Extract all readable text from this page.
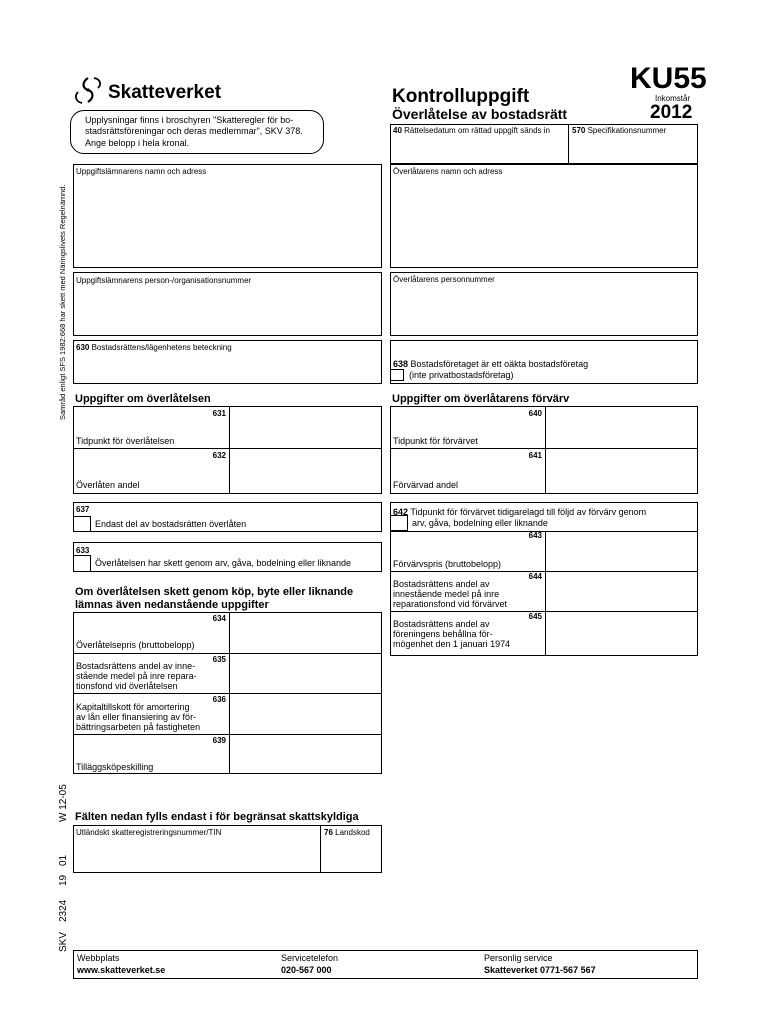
Skatteverket
Upplysningar finns i broschyren "Skatteregler för bo-
stadsrättsföreningar och deras medlemmar", SKV 378.
Ange belopp i hela kronal.
Kontrolluppgift
Överlåtelse av bostadsrätt
KU55
Inkomstår
2012
Samråd enligt SFS 1982:668 har skett med Näringslivets Regelnämnd.
40 Rättelsedatum om rättad uppgift sänds in	570 Specifikationsnummer
Uppgiftslämnarens namn och adress	Överlåtarens namn och adress
Uppgiftslämnarens person-/organisationsnummer	Överlåtarens personnummer
630 Bostadsrättens/lägenhetens beteckning
638 Bostadsföretaget är ett oäkta bostadsföretag
(inte privatbostadsföretag)
Uppgifter om överlåtelsen	Uppgifter om överlåtarens förvärv
631
Tidpunkt för överlåtelsen
632
Överlåten andel
637
Endast del av bostadsrätten överlåten
633
Överlåtelsen har skett genom arv, gåva, bodelning eller liknande
Om överlåtelsen skett genom köp, byte eller liknande
lämnas även nedanstående uppgifter
634
Överlåtelsepris (bruttobelopp)
635
Bostadsrättens andel av inne-
stående medel på inre repara-
tionsfond vid överlåtelsen
636
Kapitaltillskott för amortering
av lån eller finansiering av för-
bättringsarbeten på fastigheten
639
Tilläggsköpeskilling
640
Tidpunkt för förvärvet
641
Förvärvad andel
642 Tidpunkt för förvärvet tidigarelagd till följd av förvärv genom
arv, gåva, bodelning eller liknande
643
Förvärvspris (bruttobelopp)
644
Bostadsrättens andel av
innestående medel på inre
reparationsfond vid förvärvet
645
Bostadsrättens andel av
föreningens behållna för-
mögenhet den 1 januari 1974
Fälten nedan fylls endast i för begränsat skattskyldiga
Utländskt skatteregistreringsnummer/TIN	76 Landskod
W 12-05
01
19
2324
SKV
Webbplats
www.skatteverket.se
Servicetelefon
020-567 000
Personlig service
Skatteverket 0771-567 567
